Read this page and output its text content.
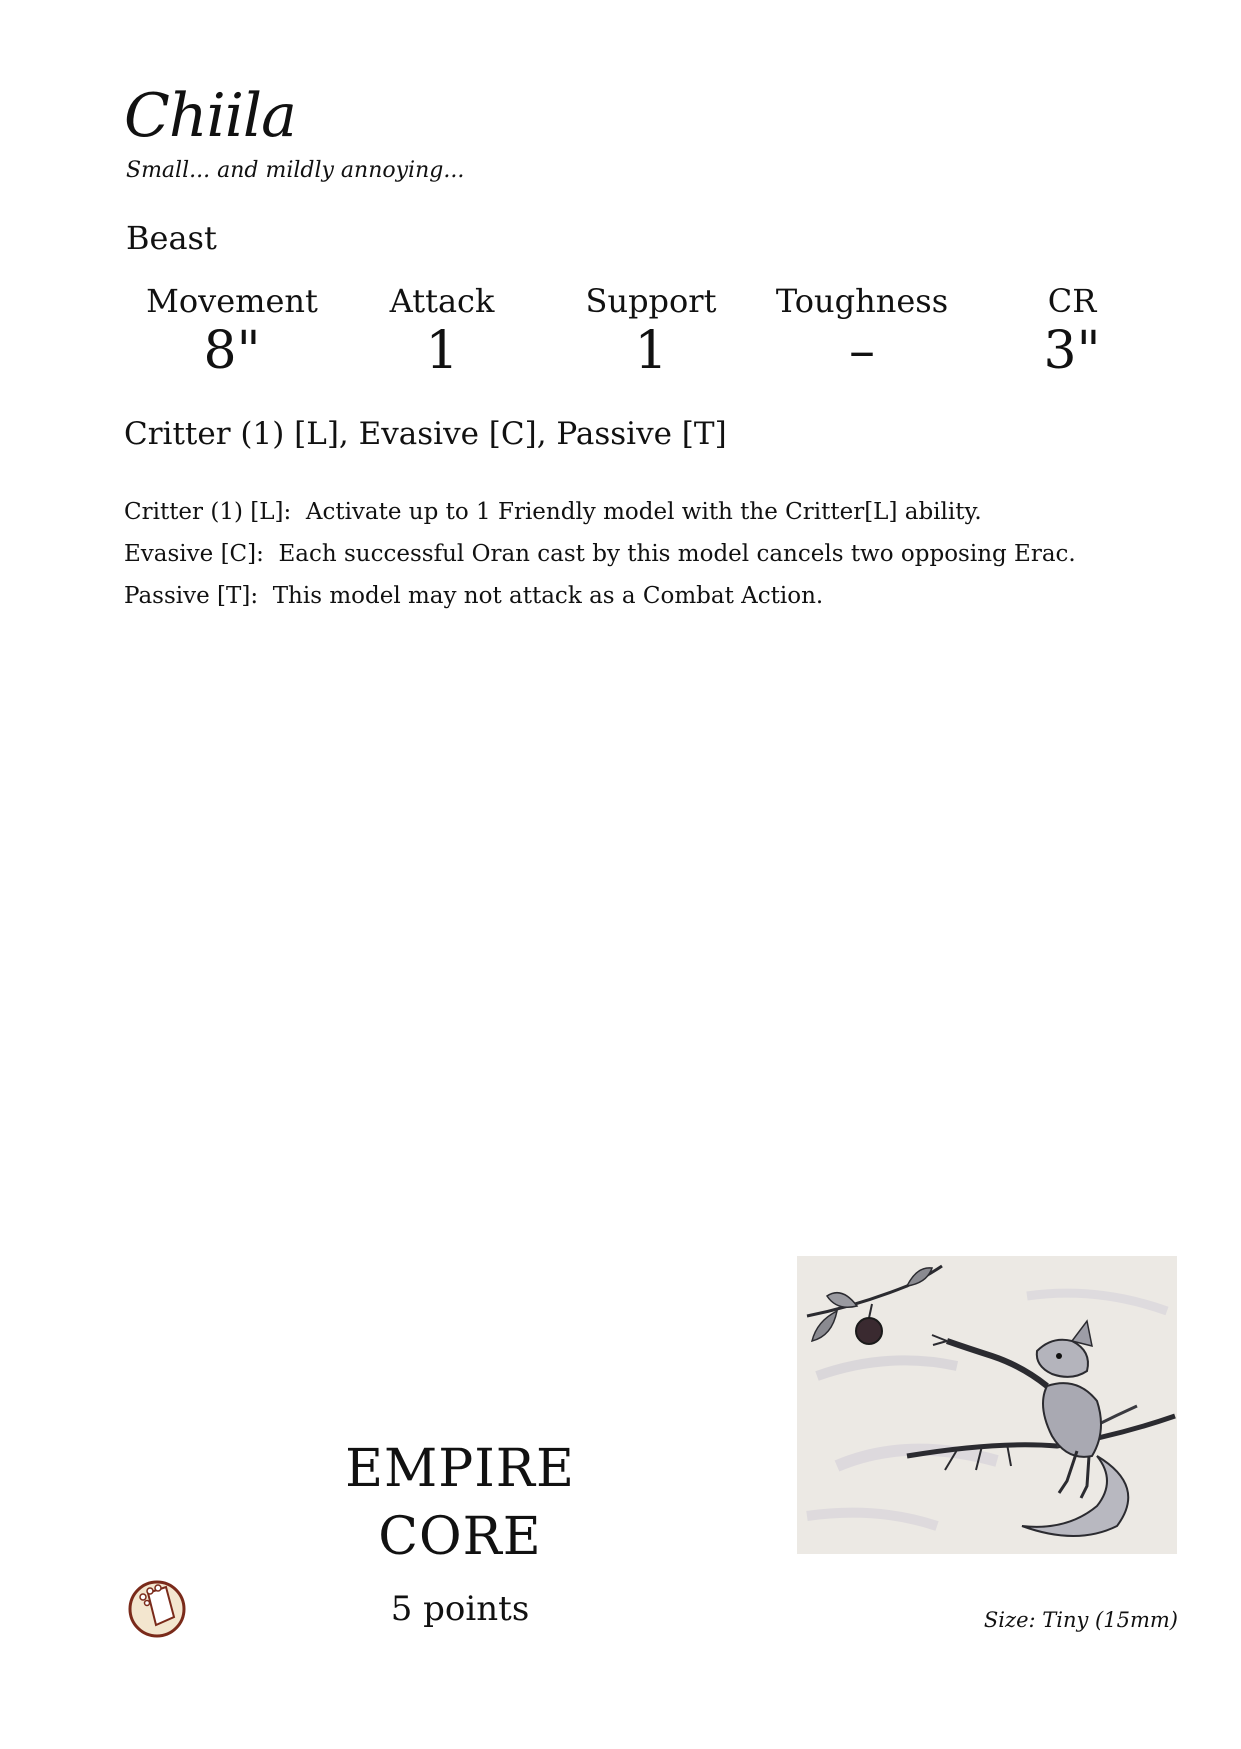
Chiila
Small... and mildly annoying...
Beast
Movement
8"
Attack
1
Support
1
Toughness
–
CR
3"
Critter (1) [L], Evasive [C], Passive [T]
Critter (1) [L]: Activate up to 1 Friendly model with the Critter[L] ability.
Evasive [C]: Each successful Oran cast by this model cancels two opposing Erac.
Passive [T]: This model may not attack as a Combat Action.
EMPIRE
CORE
5 points	Size: Tiny (15mm)
